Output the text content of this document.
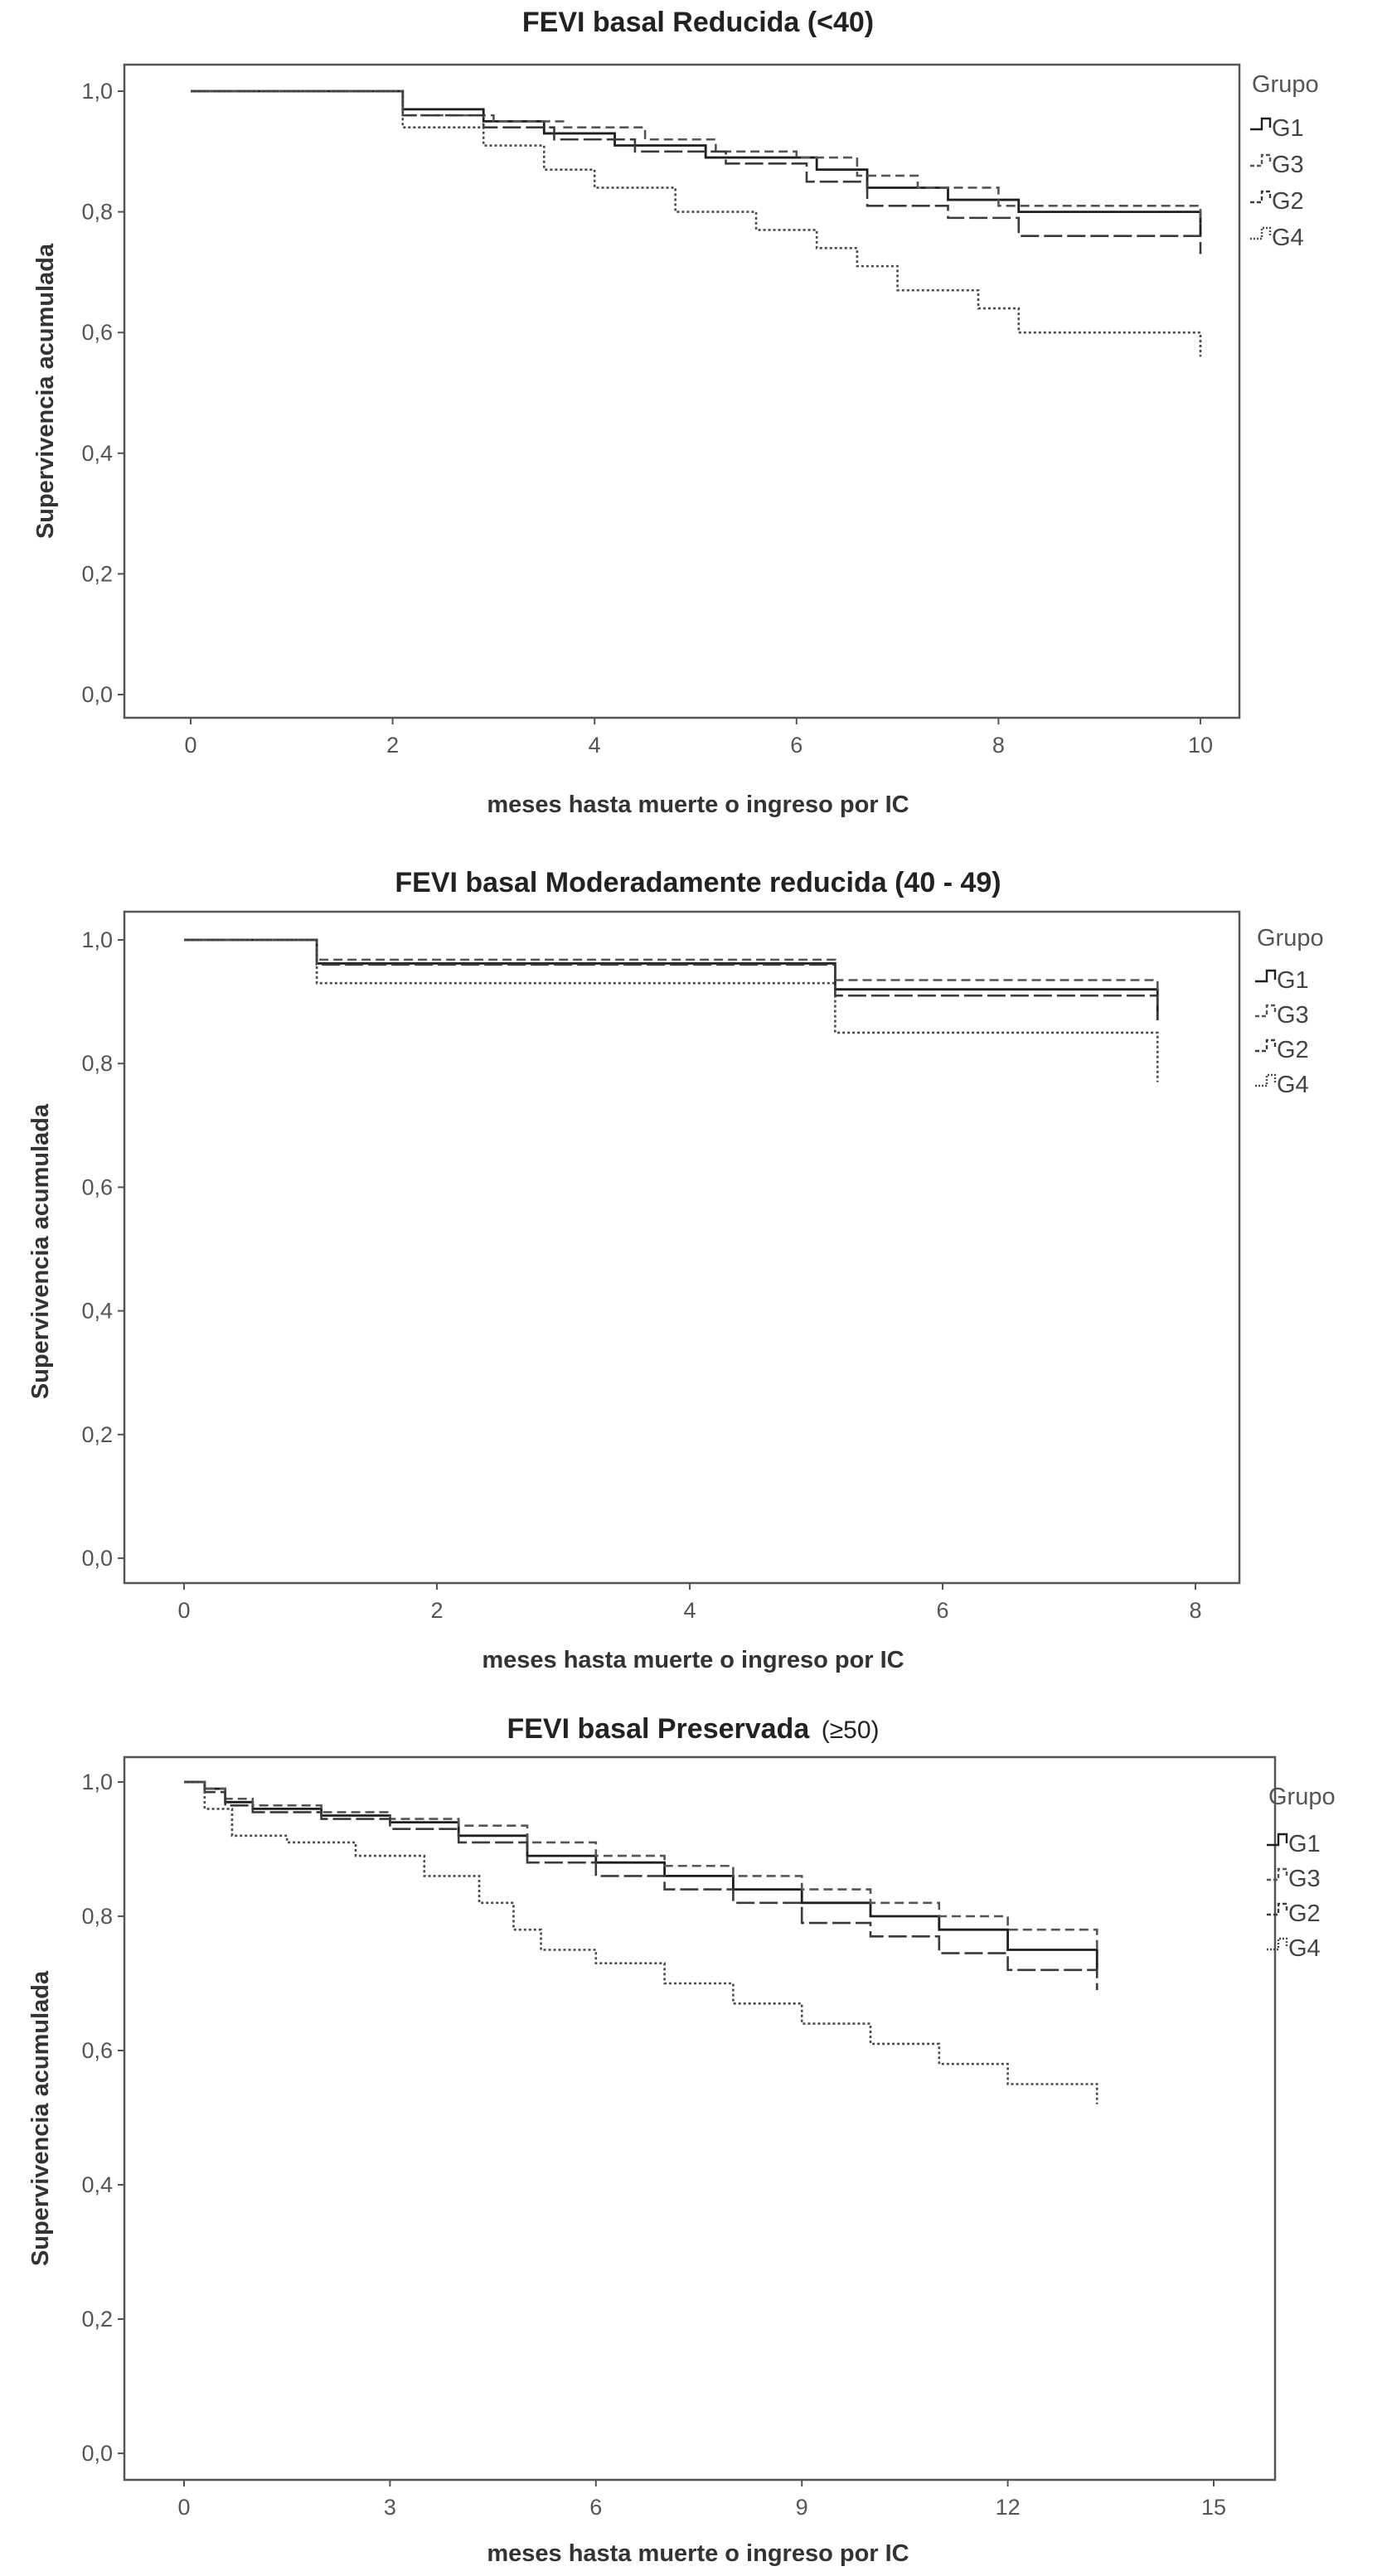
FEVI basal Reducida (<40)
Supervivencia acumulada
meses hasta muerte o ingreso por IC
0,0
0,2
0,4
0,6
0,8
1,0
0	2	4	6	8	10
Grupo
G1
G3
G2
G4
FEVI basal Moderadamente reducida (40 - 49)
Supervivencia acumulada
meses hasta muerte o ingreso por IC
0,0
0,2
0,4
0,6
0,8
1,0
0	2	4	6	8
Grupo
G1
G3
G2
G4
FEVI basal Preservada (≥50)
Supervivencia acumulada
meses hasta muerte o ingreso por IC
0,0
0,2
0,4
0,6
0,8
1,0
0	3	6	9	12	15
Grupo
G1
G3
G2
G4
